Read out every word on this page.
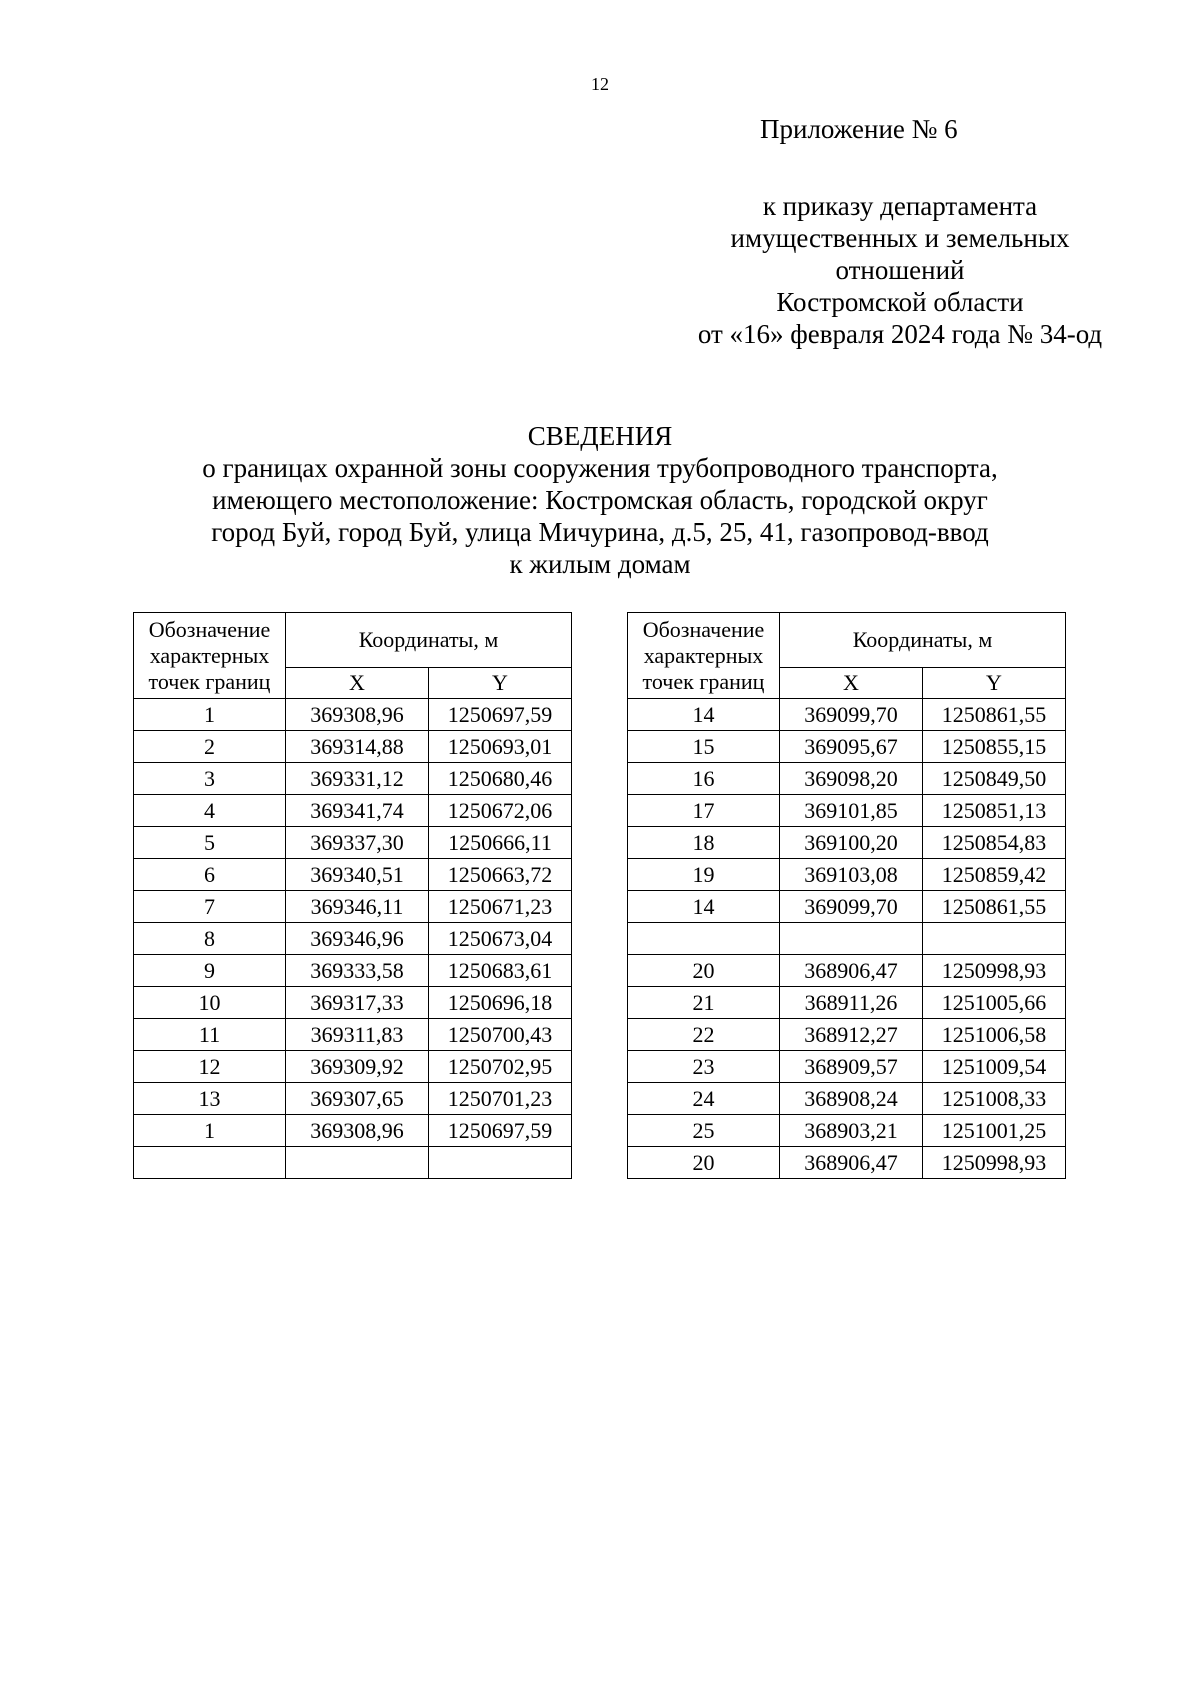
12
Приложение № 6
к приказу департамента
имущественных и земельных
отношений
Костромской области
от «16» февраля 2024 года № 34-од
СВЕДЕНИЯ
о границах охранной зоны сооружения трубопроводного транспорта,
имеющего местоположение: Костромская область, городской округ
город Буй, город Буй, улица Мичурина, д.5, 25, 41, газопровод-ввод
к жилым домам
Обозначение
характерных
точек границ	Координаты, м	
	X	Y
1	369308,96	1250697,59
2	369314,88	1250693,01
3	369331,12	1250680,46
4	369341,74	1250672,06
5	369337,30	1250666,11
6	369340,51	1250663,72
7	369346,11	1250671,23
8	369346,96	1250673,04
9	369333,58	1250683,61
10	369317,33	1250696,18
11	369311,83	1250700,43
12	369309,92	1250702,95
13	369307,65	1250701,23
1	369308,96	1250697,59

Обозначение
характерных
точек границ	Координаты, м	
	X	Y
14	369099,70	1250861,55
15	369095,67	1250855,15
16	369098,20	1250849,50
17	369101,85	1250851,13
18	369100,20	1250854,83
19	369103,08	1250859,42
14	369099,70	1250861,55

20	368906,47	1250998,93
21	368911,26	1251005,66
22	368912,27	1251006,58
23	368909,57	1251009,54
24	368908,24	1251008,33
25	368903,21	1251001,25
20	368906,47	1250998,93
